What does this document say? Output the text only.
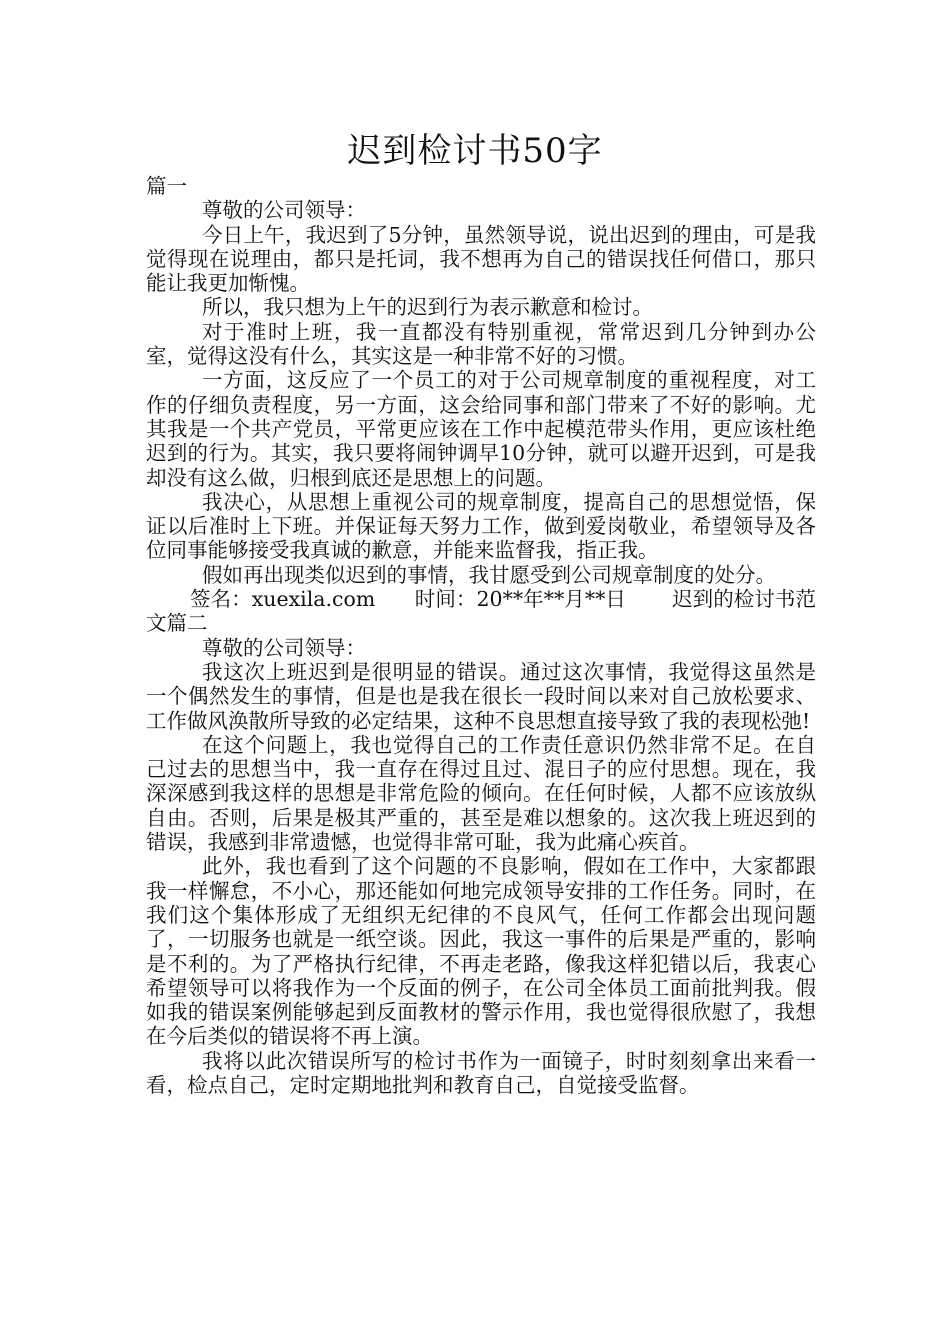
迟到检讨书50字

篇一

尊敬的公司领导：

今日上午，我迟到了5分钟，虽然领导说，说出迟到的理由，可是我觉得现在说理由，都只是托词，我不想再为自己的错误找任何借口，那只能让我更加惭愧。

所以，我只想为上午的迟到行为表示歉意和检讨。

对于准时上班，我一直都没有特别重视，常常迟到几分钟到办公室，觉得这没有什么，其实这是一种非常不好的习惯。

一方面，这反应了一个员工的对于公司规章制度的重视程度，对工作的仔细负责程度，另一方面，这会给同事和部门带来了不好的影响。尤其我是一个共产党员，平常更应该在工作中起模范带头作用，更应该杜绝迟到的行为。其实，我只要将闹钟调早10分钟，就可以避开迟到，可是我却没有这么做，归根到底还是思想上的问题。

我决心，从思想上重视公司的规章制度，提高自己的思想觉悟，保证以后准时上下班。并保证每天努力工作，做到爱岗敬业，希望领导及各位同事能够接受我真诚的歉意，并能来监督我，指正我。

假如再出现类似迟到的事情，我甘愿受到公司规章制度的处分。

签名：xuexila.com      时间：20**年**月**日       迟到的检讨书范文篇二

尊敬的公司领导：

我这次上班迟到是很明显的错误。通过这次事情，我觉得这虽然是一个偶然发生的事情，但是也是我在很长一段时间以来对自己放松要求、工作做风涣散所导致的必定结果，这种不良思想直接导致了我的表现松弛!

在这个问题上，我也觉得自己的工作责任意识仍然非常不足。在自己过去的思想当中，我一直存在得过且过、混日子的应付思想。现在，我深深感到我这样的思想是非常危险的倾向。在任何时候，人都不应该放纵自由。否则，后果是极其严重的，甚至是难以想象的。这次我上班迟到的错误，我感到非常遗憾，也觉得非常可耻，我为此痛心疾首。

此外，我也看到了这个问题的不良影响，假如在工作中，大家都跟我一样懈怠，不小心，那还能如何地完成领导安排的工作任务。同时，在我们这个集体形成了无组织无纪律的不良风气，任何工作都会出现问题了，一切服务也就是一纸空谈。因此，我这一事件的后果是严重的，影响是不利的。为了严格执行纪律，不再走老路，像我这样犯错以后，我衷心希望领导可以将我作为一个反面的例子，在公司全体员工面前批判我。假如我的错误案例能够起到反面教材的警示作用，我也觉得很欣慰了，我想在今后类似的错误将不再上演。

我将以此次错误所写的检讨书作为一面镜子，时时刻刻拿出来看一看，检点自己，定时定期地批判和教育自己，自觉接受监督。
